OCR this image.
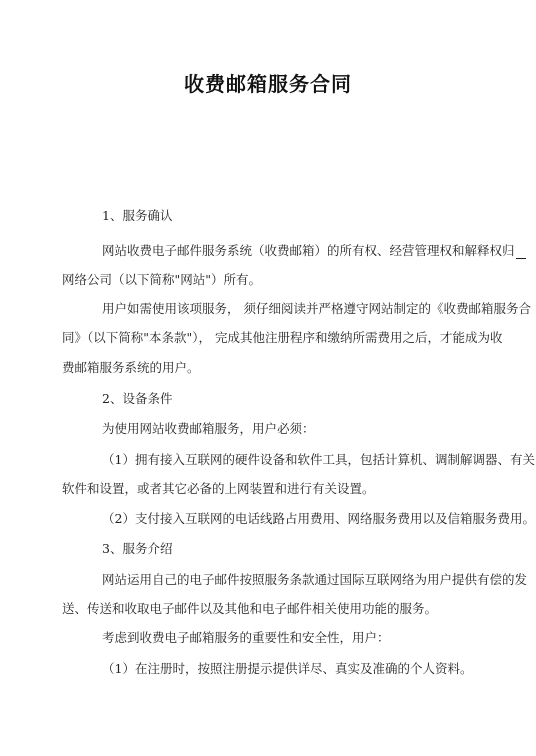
收费邮箱服务合同
1、服务确认
网站收费电子邮件服务系统（收费邮箱）的所有权、经营管理权和解释权归
网络公司（以下简称"网站"）所有。
用户如需使用该项服务， 须仔细阅读并严格遵守网站制定的《收费邮箱服务合
同》（以下简称"本条款"）， 完成其他注册程序和缴纳所需费用之后，才能成为收
费邮箱服务系统的用户。
2、设备条件
为使用网站收费邮箱服务，用户必须：
（1）拥有接入互联网的硬件设备和软件工具，包括计算机、调制解调器、有关
软件和设置，或者其它必备的上网装置和进行有关设置。
（2）支付接入互联网的电话线路占用费用、网络服务费用以及信箱服务费用。
3、服务介绍
网站运用自己的电子邮件按照服务条款通过国际互联网络为用户提供有偿的发
送、传送和收取电子邮件以及其他和电子邮件相关使用功能的服务。
考虑到收费电子邮箱服务的重要性和安全性，用户：
（1）在注册时，按照注册提示提供详尽、真实及准确的个人资料。
